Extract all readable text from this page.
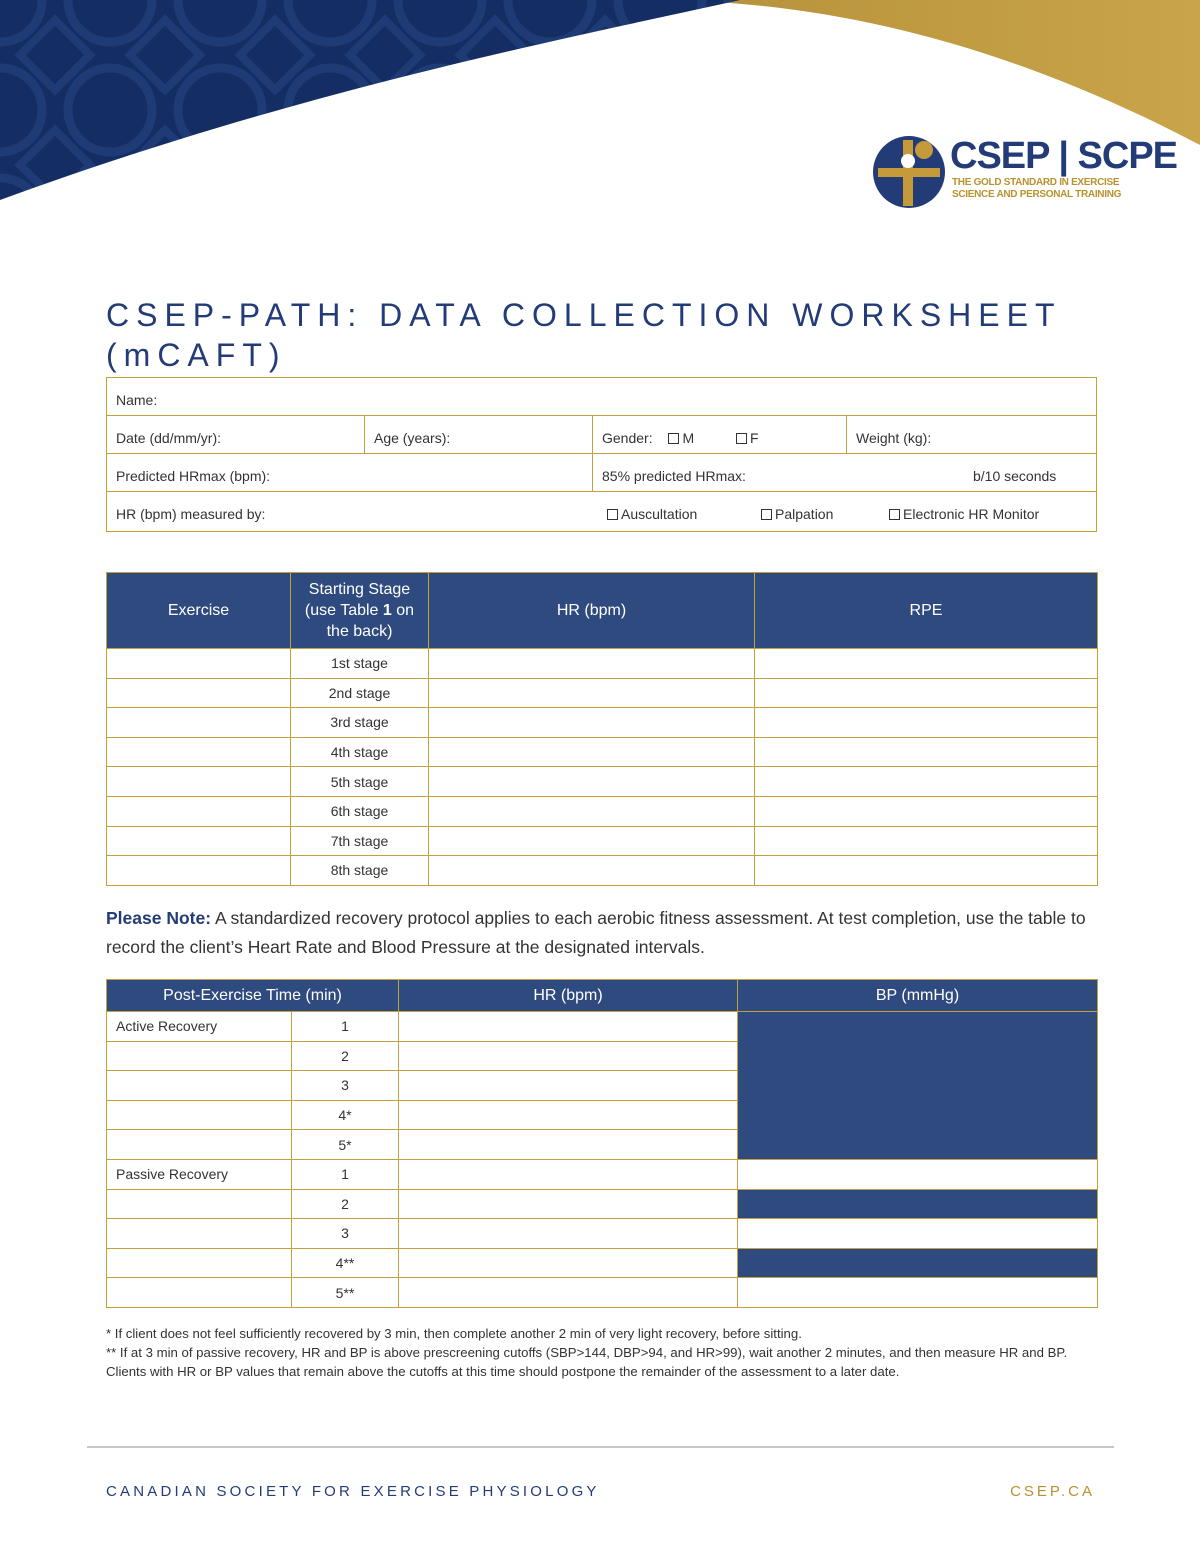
CSEP | SCPE
THE GOLD STANDARD IN EXERCISE SCIENCE AND PERSONAL TRAINING
CSEP-PATH: DATA COLLECTION WORKSHEET (mCAFT)
Name:
Date (dd/mm/yr):	Age (years):	Gender: M	F	Weight (kg):
Predicted HRmax (bpm):	85% predicted HRmax:	b/10 seconds
HR (bpm) measured by:	Auscultation	Palpation	Electronic HR Monitor
Exercise	Starting Stage (use Table 1 on the back)	HR (bpm)	RPE
	1st stage		
	2nd stage		
	3rd stage		
	4th stage		
	5th stage		
	6th stage		
	7th stage		
	8th stage		
Please Note: A standardized recovery protocol applies to each aerobic fitness assessment. At test completion, use the table to record the client’s Heart Rate and Blood Pressure at the designated intervals.
Post-Exercise Time (min)		HR (bpm)	BP (mmHg)
Active Recovery	1		
	2		
	3		
	4*		
	5*		
Passive Recovery	1		
	2		
	3		
	4**		
	5**		
* If client does not feel sufficiently recovered by 3 min, then complete another 2 min of very light recovery, before sitting.
** If at 3 min of passive recovery, HR and BP is above prescreening cutoffs (SBP>144, DBP>94, and HR>99), wait another 2 minutes, and then measure HR and BP. Clients with HR or BP values that remain above the cutoffs at this time should postpone the remainder of the assessment to a later date.
CANADIAN SOCIETY FOR EXERCISE PHYSIOLOGY	CSEP.CA
